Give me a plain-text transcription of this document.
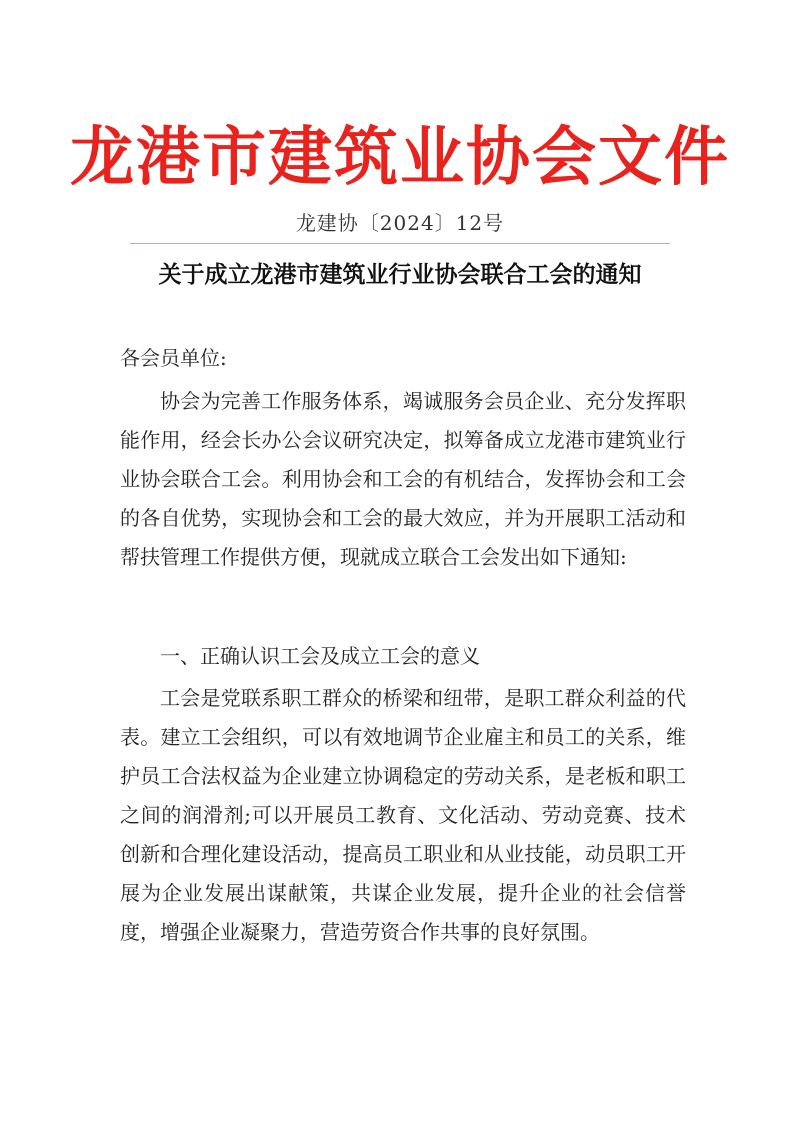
龙港市建筑业协会文件
龙建协〔2024〕12号
关于成立龙港市建筑业行业协会联合工会的通知
各会员单位:

协会为完善工作服务体系，竭诚服务会员企业、充分发挥职能作用，经会长办公会议研究决定，拟筹备成立龙港市建筑业行业协会联合工会。利用协会和工会的有机结合，发挥协会和工会的各自优势，实现协会和工会的最大效应，并为开展职工活动和帮扶管理工作提供方便，现就成立联合工会发出如下通知:

一、正确认识工会及成立工会的意义

工会是党联系职工群众的桥梁和纽带，是职工群众利益的代表。建立工会组织，可以有效地调节企业雇主和员工的关系，维护员工合法权益为企业建立协调稳定的劳动关系，是老板和职工之间的润滑剂;可以开展员工教育、文化活动、劳动竞赛、技术创新和合理化建设活动，提高员工职业和从业技能，动员职工开展为企业发展出谋献策，共谋企业发展，提升企业的社会信誉度，增强企业凝聚力，营造劳资合作共事的良好氛围。
